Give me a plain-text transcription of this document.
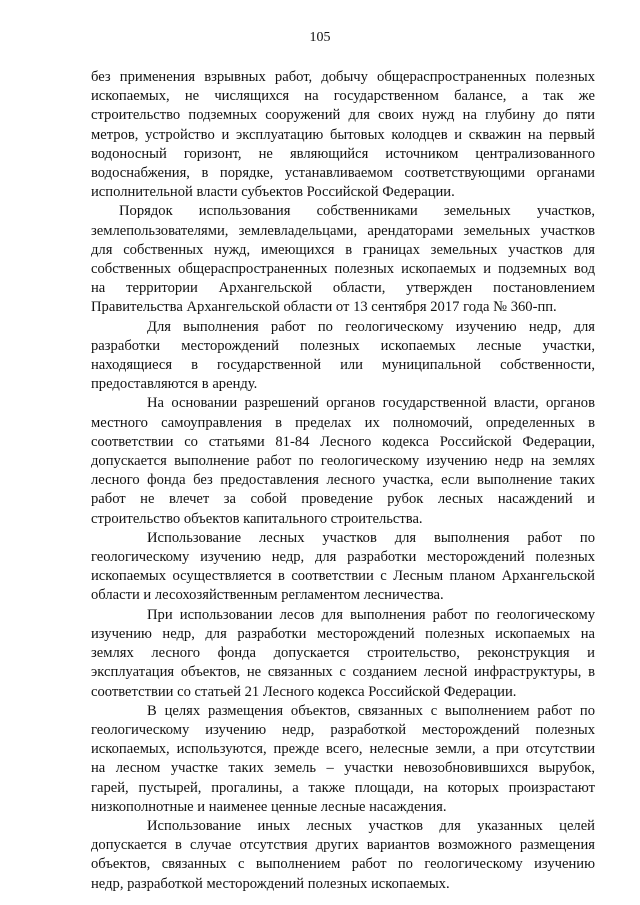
105
без применения взрывных работ, добычу общераспространенных полезных
ископаемых, не числящихся на государственном балансе, а так же
строительство подземных сооружений для своих нужд на глубину до пяти
метров, устройство и эксплуатацию бытовых колодцев и скважин на первый
водоносный горизонт, не являющийся источником централизованного
водоснабжения, в порядке, устанавливаемом соответствующими органами
исполнительной власти субъектов Российской Федерации.
Порядок использования собственниками земельных участков,
землепользователями, землевладельцами, арендаторами земельных участков
для собственных нужд, имеющихся в границах земельных участков для
собственных общераспространенных полезных ископаемых и подземных вод
на территории Архангельской области, утвержден постановлением
Правительства Архангельской области от 13 сентября 2017 года № 360-пп.
Для выполнения работ по геологическому изучению недр, для
разработки месторождений полезных ископаемых лесные участки,
находящиеся в государственной или муниципальной собственности,
предоставляются в аренду.
На основании разрешений органов государственной власти, органов
местного самоуправления в пределах их полномочий, определенных в
соответствии со статьями 81-84 Лесного кодекса Российской Федерации,
допускается выполнение работ по геологическому изучению недр на землях
лесного фонда без предоставления лесного участка, если выполнение таких
работ не влечет за собой проведение рубок лесных насаждений и
строительство объектов капитального строительства.
Использование лесных участков для выполнения работ по
геологическому изучению недр, для разработки месторождений полезных
ископаемых осуществляется в соответствии с Лесным планом Архангельской
области и лесохозяйственным регламентом лесничества.
При использовании лесов для выполнения работ по геологическому
изучению недр, для разработки месторождений полезных ископаемых на
землях лесного фонда допускается строительство, реконструкция и
эксплуатация объектов, не связанных с созданием лесной инфраструктуры, в
соответствии со статьей 21 Лесного кодекса Российской Федерации.
В целях размещения объектов, связанных с выполнением работ по
геологическому изучению недр, разработкой месторождений полезных
ископаемых, используются, прежде всего, нелесные земли, а при отсутствии
на лесном участке таких земель – участки невозобновившихся вырубок,
гарей, пустырей, прогалины, а также площади, на которых произрастают
низкополнотные и наименее ценные лесные насаждения.
Использование иных лесных участков для указанных целей
допускается в случае отсутствия других вариантов возможного размещения
объектов, связанных с выполнением работ по геологическому изучению
недр, разработкой месторождений полезных ископаемых.
